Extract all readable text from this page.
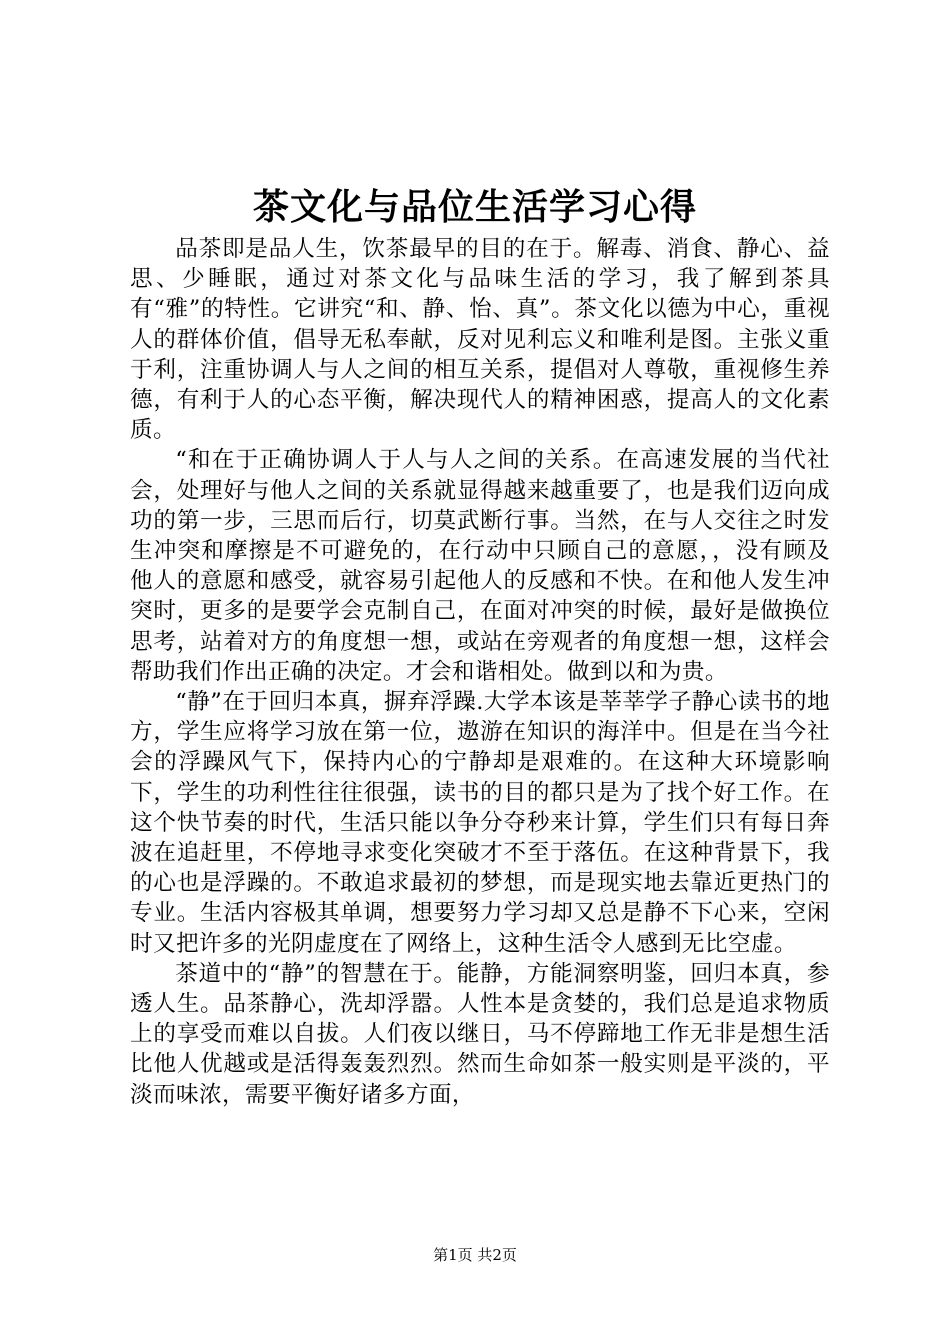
茶文化与品位生活学习心得

品茶即是品人生，饮茶最早的目的在于。解毒、消食、静心、益思、少睡眠，通过对茶文化与品味生活的学习，我了解到茶具有“雅”的特性。它讲究“和、静、怡、真”。茶文化以德为中心，重视人的群体价值，倡导无私奉献，反对见利忘义和唯利是图。主张义重于利，注重协调人与人之间的相互关系，提倡对人尊敬，重视修生养德，有利于人的心态平衡，解决现代人的精神困惑，提高人的文化素质。

“和在于正确协调人于人与人之间的关系。在高速发展的当代社会，处理好与他人之间的关系就显得越来越重要了，也是我们迈向成功的第一步，三思而后行，切莫武断行事。当然，在与人交往之时发生冲突和摩擦是不可避免的，在行动中只顾自己的意愿，，没有顾及他人的意愿和感受，就容易引起他人的反感和不快。在和他人发生冲突时，更多的是要学会克制自己，在面对冲突的时候，最好是做换位思考，站着对方的角度想一想，或站在旁观者的角度想一想，这样会帮助我们作出正确的决定。才会和谐相处。做到以和为贵。

“静”在于回归本真，摒弃浮躁.大学本该是莘莘学子静心读书的地方，学生应将学习放在第一位，遨游在知识的海洋中。但是在当今社会的浮躁风气下，保持内心的宁静却是艰难的。在这种大环境影响下，学生的功利性往往很强，读书的目的都只是为了找个好工作。在这个快节奏的时代，生活只能以争分夺秒来计算，学生们只有每日奔波在追赶里，不停地寻求变化突破才不至于落伍。在这种背景下，我的心也是浮躁的。不敢追求最初的梦想，而是现实地去靠近更热门的专业。生活内容极其单调，想要努力学习却又总是静不下心来，空闲时又把许多的光阴虚度在了网络上，这种生活令人感到无比空虚。

茶道中的“静”的智慧在于。能静，方能洞察明鉴，回归本真，参透人生。品茶静心，洗却浮嚣。人性本是贪婪的，我们总是追求物质上的享受而难以自拔。人们夜以继日，马不停蹄地工作无非是想生活比他人优越或是活得轰轰烈烈。然而生命如茶一般实则是平淡的，平淡而味浓，需要平衡好诸多方面，

第1页 共2页
